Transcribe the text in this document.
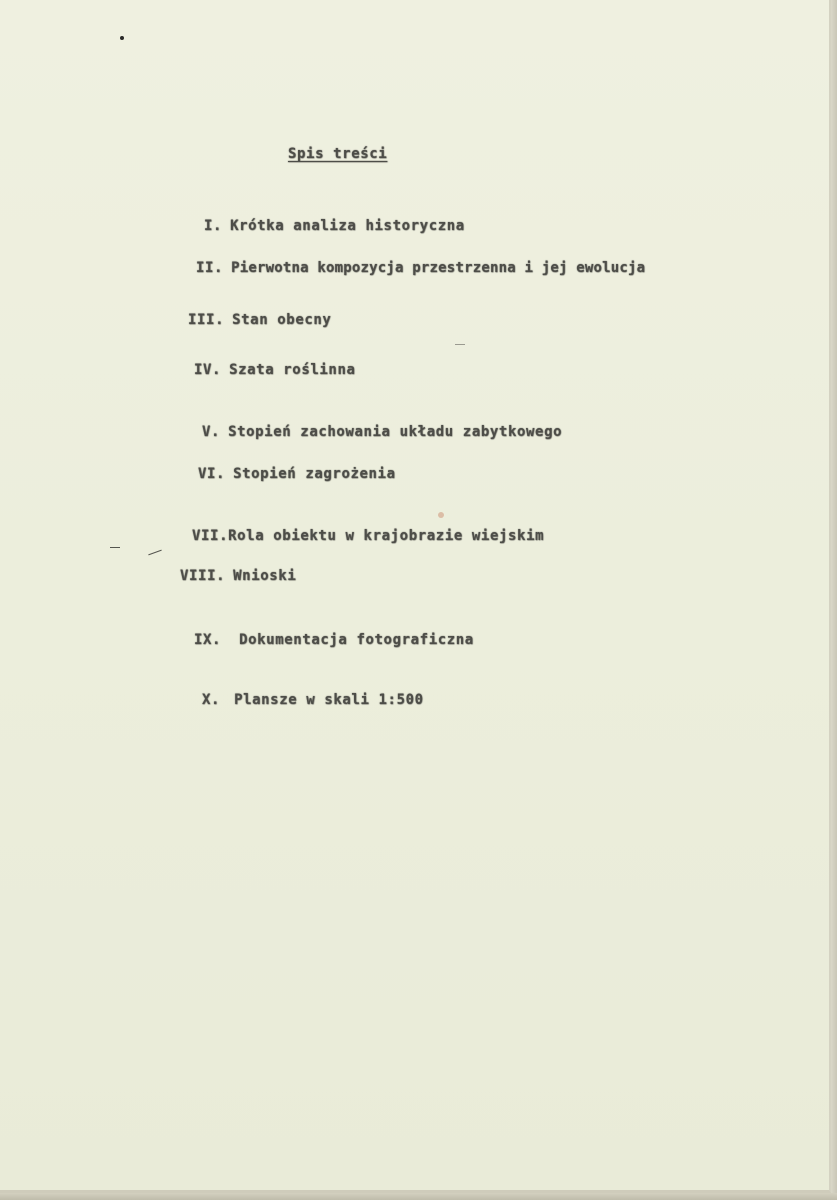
Spis treści
I. Krótka analiza historyczna
II. Pierwotna kompozycja przestrzenna i jej ewolucja
III. Stan obecny
IV. Szata roślinna
V. Stopień zachowania układu zabytkowego
VI. Stopień zagrożenia
VII.Rola obiektu w krajobrazie wiejskim
VIII. Wnioski
IX. Dokumentacja fotograficzna
X. Plansze w skali 1:500
